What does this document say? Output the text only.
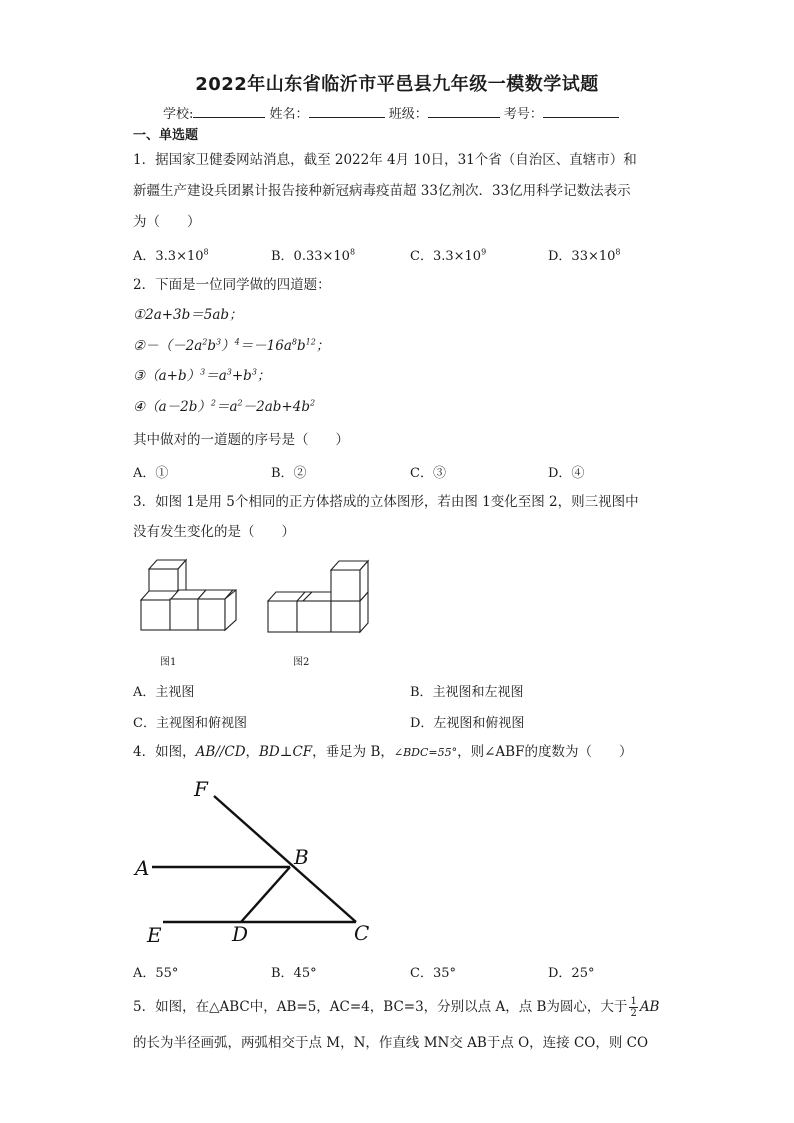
2022年山东省临沂市平邑县九年级一模数学试题
学校:	姓名：	班级：	考号：
一、单选题
1．据国家卫健委网站消息，截至 2022年 4月 10日，31个省（自治区、直辖市）和
新疆生产建设兵团累计报告接种新冠病毒疫苗超 33亿剂次．33亿用科学记数法表示
为（　　）
A．$3.3\times 10^8$	B．$0.33\times 10^8$	C．$3.3\times 10^9$	D．$33\times 10^8$
2．下面是一位同学做的四道题：
①2a+3b＝5ab；
$②-(-2a^2b^3)^4=-16a^8b^{12}$；
$③(a+b)^3=a^3+b^3$；
$④(a-2b)^2=a^2-2ab+4b^2$
其中做对的一道题的序号是（　　）
A．①	B．②	C．③	D．④
3．如图 1是用 5个相同的正方体搭成的立体图形，若由图 1变化至图 2，则三视图中
没有发生变化的是（　　）
图1	图2
A．主视图	B．主视图和左视图
C．主视图和俯视图	D．左视图和俯视图
4．如图，AB//CD，BD⊥CF，垂足为 B，∠BDC=55°，则∠ABF的度数为（　　）
F
A	B
E	D	C
A．55°	B．45°	C．35°	D．25°
5．如图，在△ABC中，AB=5，AC=4，BC=3，分别以点 A，点 B为圆心，大于 $\frac{1}{2}$ AB
的长为半径画弧，两弧相交于点 M，N，作直线 MN交 AB于点 O，连接 CO，则 CO
